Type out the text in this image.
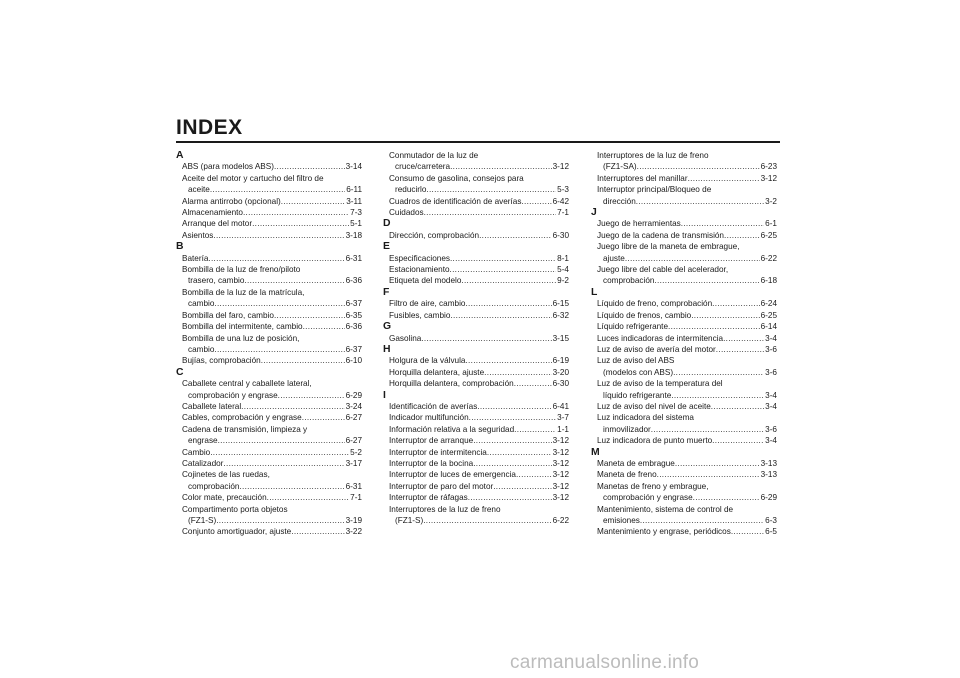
INDEX
A
ABS (para modelos ABS) .....	3-14
Aceite del motor y cartucho del filtro de
aceite .....	6-11
Alarma antirrobo (opcional) .....	3-11
Almacenamiento .....	7-3
Arranque del motor .....	5-1
Asientos .....	3-18
B
Batería .....	6-31
Bombilla de la luz de freno/piloto
trasero, cambio .....	6-36
Bombilla de la luz de la matrícula,
cambio .....	6-37
Bombilla del faro, cambio .....	6-35
Bombilla del intermitente, cambio .....	6-36
Bombilla de una luz de posición,
cambio .....	6-37
Bujías, comprobación .....	6-10
C
Caballete central y caballete lateral,
comprobación y engrase .....	6-29
Caballete lateral .....	3-24
Cables, comprobación y engrase .....	6-27
Cadena de transmisión, limpieza y
engrase .....	6-27
Cambio .....	5-2
Catalizador .....	3-17
Cojinetes de las ruedas,
comprobación .....	6-31
Color mate, precaución .....	7-1
Compartimento porta objetos
(FZ1-S) .....	3-19
Conjunto amortiguador, ajuste .....	3-22
Conmutador de la luz de
cruce/carretera .....	3-12
Consumo de gasolina, consejos para
reducirlo .....	5-3
Cuadros de identificación de averías .....	6-42
Cuidados .....	7-1
D
Dirección, comprobación .....	6-30
E
Especificaciones .....	8-1
Estacionamiento .....	5-4
Etiqueta del modelo .....	9-2
F
Filtro de aire, cambio .....	6-15
Fusibles, cambio .....	6-32
G
Gasolina .....	3-15
H
Holgura de la válvula .....	6-19
Horquilla delantera, ajuste .....	3-20
Horquilla delantera, comprobación .....	6-30
I
Identificación de averías .....	6-41
Indicador multifunción .....	3-7
Información relativa a la seguridad .....	1-1
Interruptor de arranque .....	3-12
Interruptor de intermitencia .....	3-12
Interruptor de la bocina .....	3-12
Interruptor de luces de emergencia .....	3-12
Interruptor de paro del motor .....	3-12
Interruptor de ráfagas .....	3-12
Interruptores de la luz de freno
(FZ1-S) .....	6-22
Interruptores de la luz de freno
(FZ1-SA) .....	6-23
Interruptores del manillar .....	3-12
Interruptor principal/Bloqueo de
dirección .....	3-2
J
Juego de herramientas .....	6-1
Juego de la cadena de transmisión .....	6-25
Juego libre de la maneta de embrague,
ajuste .....	6-22
Juego libre del cable del acelerador,
comprobación .....	6-18
L
Líquido de freno, comprobación .....	6-24
Líquido de frenos, cambio .....	6-25
Líquido refrigerante .....	6-14
Luces indicadoras de intermitencia .....	3-4
Luz de aviso de avería del motor .....	3-6
Luz de aviso del ABS
(modelos con ABS) .....	3-6
Luz de aviso de la temperatura del
líquido refrigerante .....	3-4
Luz de aviso del nivel de aceite .....	3-4
Luz indicadora del sistema
inmovilizador .....	3-6
Luz indicadora de punto muerto .....	3-4
M
Maneta de embrague .....	3-13
Maneta de freno .....	3-13
Manetas de freno y embrague,
comprobación y engrase .....	6-29
Mantenimiento, sistema de control de
emisiones .....	6-3
Mantenimiento y engrase, periódicos .....	6-5
carmanualsonline.info
